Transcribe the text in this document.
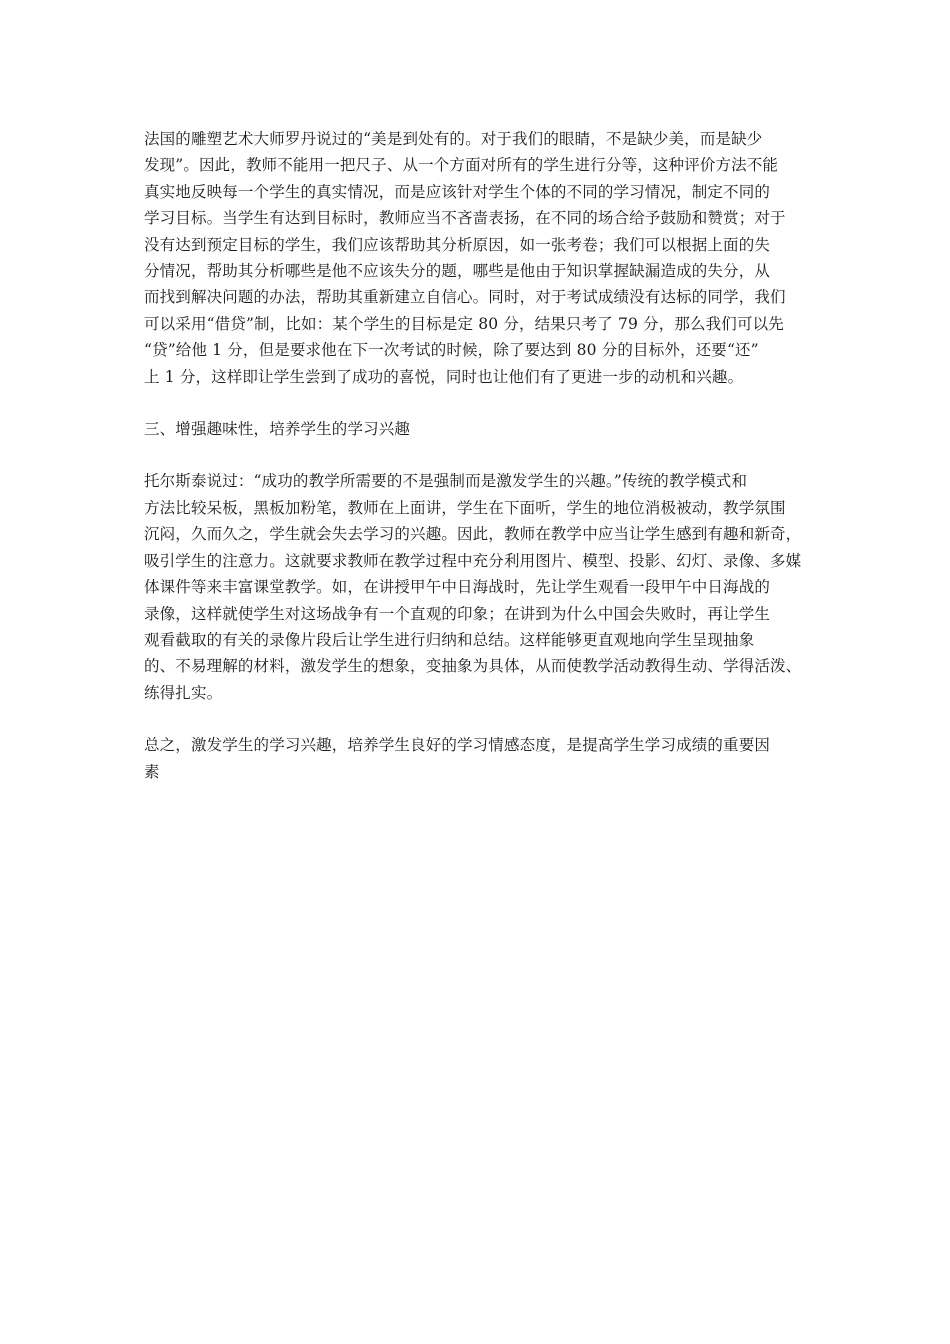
法国的雕塑艺术大师罗丹说过的“美是到处有的。对于我们的眼睛，不是缺少美，而是缺少
发现”。因此，教师不能用一把尺子、从一个方面对所有的学生进行分等，这种评价方法不能
真实地反映每一个学生的真实情况，而是应该针对学生个体的不同的学习情况，制定不同的
学习目标。当学生有达到目标时，教师应当不吝啬表扬，在不同的场合给予鼓励和赞赏；对于
没有达到预定目标的学生，我们应该帮助其分析原因，如一张考卷；我们可以根据上面的失
分情况，帮助其分析哪些是他不应该失分的题，哪些是他由于知识掌握缺漏造成的失分，从
而找到解决问题的办法，帮助其重新建立自信心。同时，对于考试成绩没有达标的同学，我们
可以采用“借贷”制，比如：某个学生的目标是定 80 分，结果只考了 79 分，那么我们可以先
“贷”给他 1 分，但是要求他在下一次考试的时候，除了要达到 80 分的目标外，还要“还”
上 1 分，这样即让学生尝到了成功的喜悦，同时也让他们有了更进一步的动机和兴趣。

三、增强趣味性，培养学生的学习兴趣

托尔斯泰说过：“成功的教学所需要的不是强制而是激发学生的兴趣。”传统的教学模式和
方法比较呆板，黑板加粉笔，教师在上面讲，学生在下面听，学生的地位消极被动，教学氛围
沉闷，久而久之，学生就会失去学习的兴趣。因此，教师在教学中应当让学生感到有趣和新奇，
吸引学生的注意力。这就要求教师在教学过程中充分利用图片、模型、投影、幻灯、录像、多媒
体课件等来丰富课堂教学。如，在讲授甲午中日海战时，先让学生观看一段甲午中日海战的
录像，这样就使学生对这场战争有一个直观的印象；在讲到为什么中国会失败时，再让学生
观看截取的有关的录像片段后让学生进行归纳和总结。这样能够更直观地向学生呈现抽象
的、不易理解的材料，激发学生的想象，变抽象为具体，从而使教学活动教得生动、学得活泼、
练得扎实。

总之，激发学生的学习兴趣，培养学生良好的学习情感态度，是提高学生学习成绩的重要因
素
